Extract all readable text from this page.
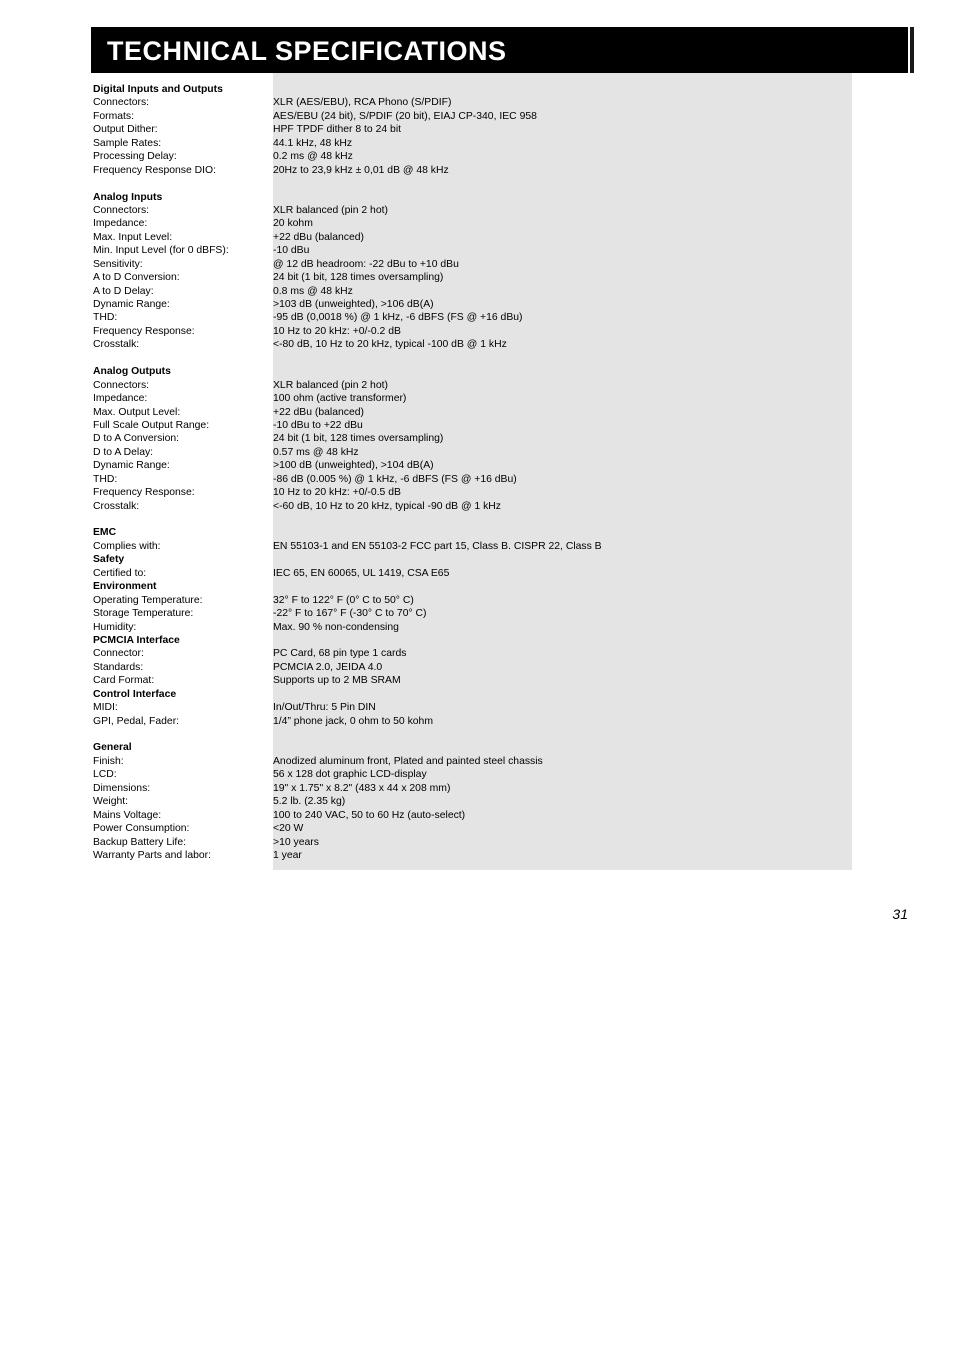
TECHNICAL SPECIFICATIONS
Digital Inputs and Outputs
Connectors:	XLR (AES/EBU), RCA Phono (S/PDIF)
Formats:	AES/EBU (24 bit), S/PDIF (20 bit), EIAJ CP-340, IEC 958
Output Dither:	HPF TPDF dither 8 to 24 bit
Sample Rates:	44.1 kHz, 48 kHz
Processing Delay:	0.2 ms @ 48 kHz
Frequency Response DIO:	20Hz to 23,9 kHz ± 0,01 dB @ 48 kHz
Analog Inputs
Connectors:	XLR balanced (pin 2 hot)
Impedance:	20 kohm
Max. Input Level:	+22 dBu (balanced)
Min. Input Level (for 0 dBFS):	-10 dBu
Sensitivity:	@ 12 dB headroom: -22 dBu to +10 dBu
A to D Conversion:	24 bit (1 bit, 128 times oversampling)
A to D Delay:	0.8 ms @ 48 kHz
Dynamic Range:	>103 dB (unweighted), >106 dB(A)
THD:	-95 dB (0,0018 %) @ 1 kHz, -6 dBFS (FS @ +16 dBu)
Frequency Response:	10 Hz to 20 kHz: +0/-0.2 dB
Crosstalk:	<-80 dB, 10 Hz to 20 kHz, typical -100 dB @ 1 kHz
Analog Outputs
Connectors:	XLR balanced (pin 2 hot)
Impedance:	100 ohm (active transformer)
Max. Output Level:	+22 dBu (balanced)
Full Scale Output Range:	-10 dBu to +22 dBu
D to A Conversion:	24 bit (1 bit, 128 times oversampling)
D to A Delay:	0.57 ms @ 48 kHz
Dynamic Range:	>100 dB (unweighted), >104 dB(A)
THD:	-86 dB (0.005 %) @ 1 kHz, -6 dBFS (FS @ +16 dBu)
Frequency Response:	10 Hz to 20 kHz: +0/-0.5 dB
Crosstalk:	<-60 dB, 10 Hz to 20 kHz, typical -90 dB @ 1 kHz
EMC
Complies with:	EN 55103-1 and EN 55103-2 FCC part 15, Class B. CISPR 22, Class B
Safety
Certified to:	IEC 65, EN 60065, UL 1419, CSA E65
Environment
Operating Temperature:	32° F to 122° F (0° C to 50° C)
Storage Temperature:	-22° F to 167° F (-30° C to 70° C)
Humidity:	Max. 90 % non-condensing
PCMCIA Interface
Connector:	PC Card, 68 pin type 1 cards
Standards:	PCMCIA 2.0, JEIDA 4.0
Card Format:	Supports up to 2 MB SRAM
Control Interface
MIDI:	In/Out/Thru: 5 Pin DIN
GPI, Pedal, Fader:	1/4” phone jack, 0 ohm to 50 kohm
General
Finish:	Anodized aluminum front, Plated and painted steel chassis
LCD:	56 x 128 dot graphic LCD-display
Dimensions:	19" x 1.75" x 8.2" (483 x 44 x 208 mm)
Weight:	5.2 lb. (2.35 kg)
Mains Voltage:	100 to 240 VAC, 50 to 60 Hz (auto-select)
Power Consumption:	<20 W
Backup Battery Life:	>10 years
Warranty Parts and labor:	1 year
31
